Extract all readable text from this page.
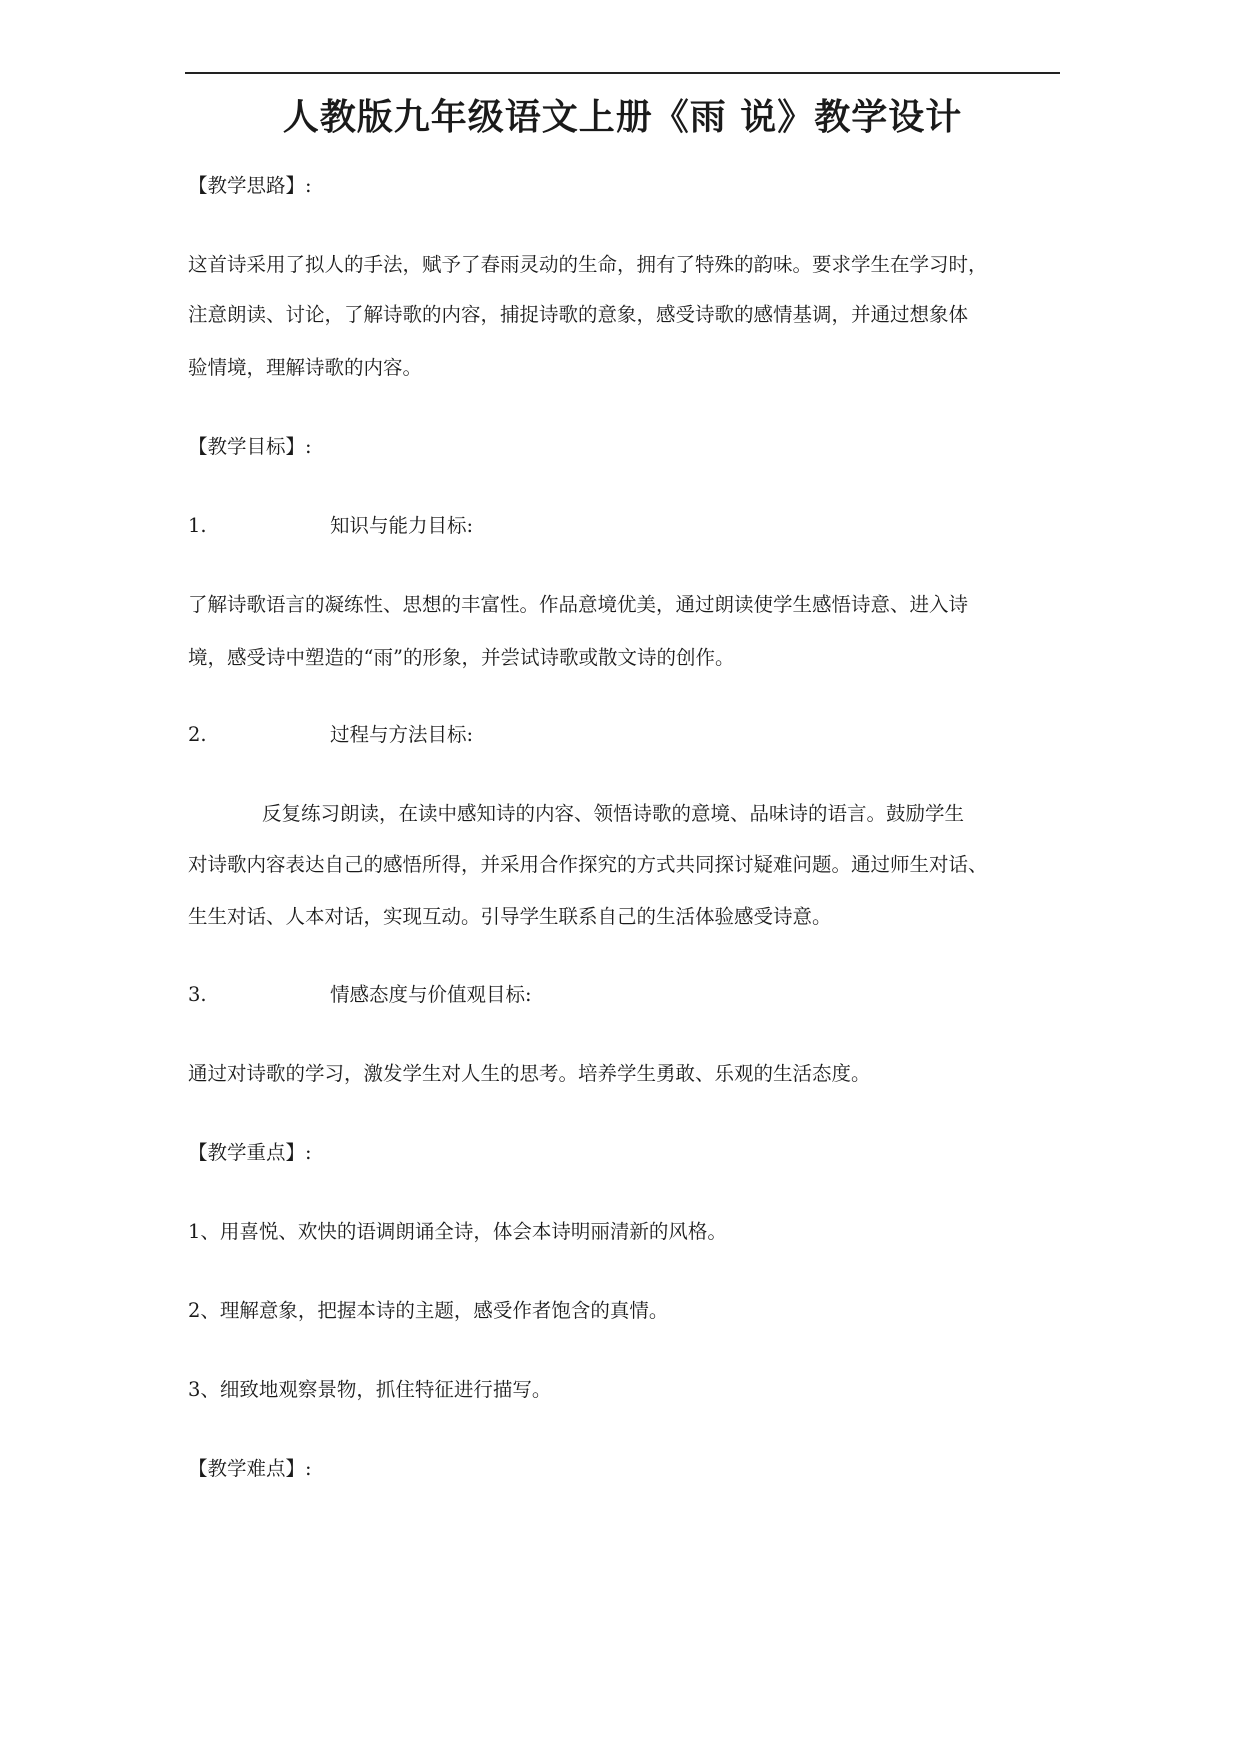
人教版九年级语文上册《雨 说》教学设计
【教学思路】:
这首诗采用了拟人的手法，赋予了春雨灵动的生命，拥有了特殊的韵味。要求学生在学习时，
注意朗读、讨论，了解诗歌的内容，捕捉诗歌的意象，感受诗歌的感情基调，并通过想象体
验情境，理解诗歌的内容。
【教学目标】:
1.	知识与能力目标:
了解诗歌语言的凝练性、思想的丰富性。作品意境优美，通过朗读使学生感悟诗意、进入诗
境，感受诗中塑造的“雨”的形象，并尝试诗歌或散文诗的创作。
2.	过程与方法目标:
反复练习朗读，在读中感知诗的内容、领悟诗歌的意境、品味诗的语言。鼓励学生
对诗歌内容表达自己的感悟所得，并采用合作探究的方式共同探讨疑难问题。通过师生对话、
生生对话、人本对话，实现互动。引导学生联系自己的生活体验感受诗意。
3.	情感态度与价值观目标:
通过对诗歌的学习，激发学生对人生的思考。培养学生勇敢、乐观的生活态度。
【教学重点】:
1、用喜悦、欢快的语调朗诵全诗，体会本诗明丽清新的风格。
2、理解意象，把握本诗的主题，感受作者饱含的真情。
3、细致地观察景物，抓住特征进行描写。
【教学难点】:
